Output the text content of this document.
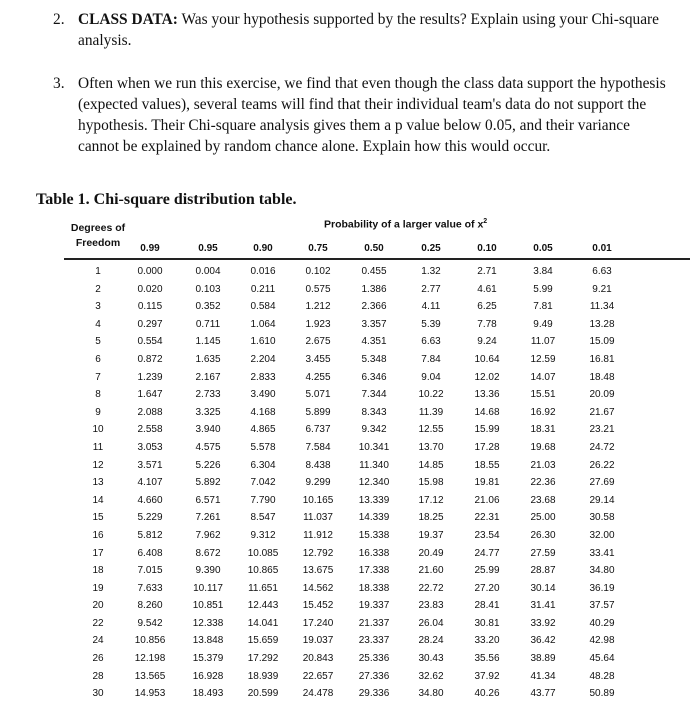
2. CLASS DATA: Was your hypothesis supported by the results? Explain using your Chi-square analysis.
3. Often when we run this exercise, we find that even though the class data support the hypothesis (expected values), several teams will find that their individual team's data do not support the hypothesis. Their Chi-square analysis gives them a p value below 0.05, and their variance cannot be explained by random chance alone. Explain how this would occur.
Table 1. Chi-square distribution table.
Degrees of
Freedom
Probability of a larger value of $x^2$
0.99	0.95	0.90	0.75	0.50	0.25	0.10	0.05	0.01
1	0.000	0.004	0.016	0.102	0.455	1.32	2.71	3.84	6.63
2	0.020	0.103	0.211	0.575	1.386	2.77	4.61	5.99	9.21
3	0.115	0.352	0.584	1.212	2.366	4.11	6.25	7.81	11.34
4	0.297	0.711	1.064	1.923	3.357	5.39	7.78	9.49	13.28
5	0.554	1.145	1.610	2.675	4.351	6.63	9.24	11.07	15.09
6	0.872	1.635	2.204	3.455	5.348	7.84	10.64	12.59	16.81
7	1.239	2.167	2.833	4.255	6.346	9.04	12.02	14.07	18.48
8	1.647	2.733	3.490	5.071	7.344	10.22	13.36	15.51	20.09
9	2.088	3.325	4.168	5.899	8.343	11.39	14.68	16.92	21.67
10	2.558	3.940	4.865	6.737	9.342	12.55	15.99	18.31	23.21
11	3.053	4.575	5.578	7.584	10.341	13.70	17.28	19.68	24.72
12	3.571	5.226	6.304	8.438	11.340	14.85	18.55	21.03	26.22
13	4.107	5.892	7.042	9.299	12.340	15.98	19.81	22.36	27.69
14	4.660	6.571	7.790	10.165	13.339	17.12	21.06	23.68	29.14
15	5.229	7.261	8.547	11.037	14.339	18.25	22.31	25.00	30.58
16	5.812	7.962	9.312	11.912	15.338	19.37	23.54	26.30	32.00
17	6.408	8.672	10.085	12.792	16.338	20.49	24.77	27.59	33.41
18	7.015	9.390	10.865	13.675	17.338	21.60	25.99	28.87	34.80
19	7.633	10.117	11.651	14.562	18.338	22.72	27.20	30.14	36.19
20	8.260	10.851	12.443	15.452	19.337	23.83	28.41	31.41	37.57
22	9.542	12.338	14.041	17.240	21.337	26.04	30.81	33.92	40.29
24	10.856	13.848	15.659	19.037	23.337	28.24	33.20	36.42	42.98
26	12.198	15.379	17.292	20.843	25.336	30.43	35.56	38.89	45.64
28	13.565	16.928	18.939	22.657	27.336	32.62	37.92	41.34	48.28
30	14.953	18.493	20.599	24.478	29.336	34.80	40.26	43.77	50.89
